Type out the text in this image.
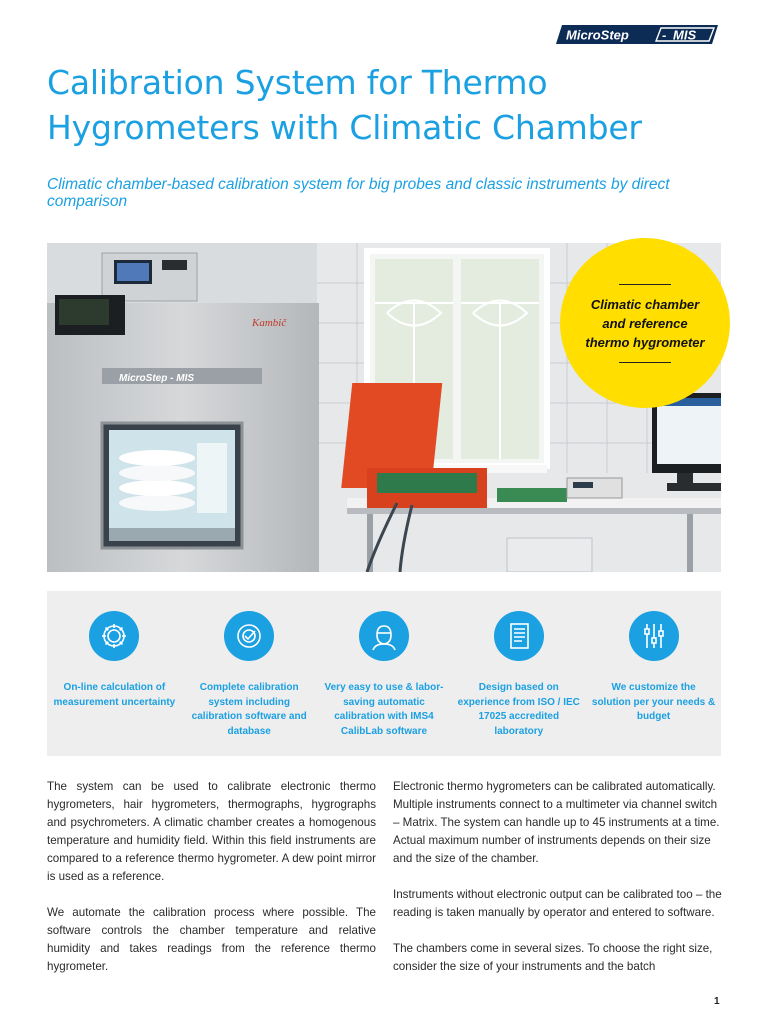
MicroStep	- MIS
Calibration System for Thermo
Hygrometers with Climatic Chamber

Climatic chamber-based calibration system for big probes and classic instruments by direct comparison

MicroStep - MIS
Kambič
Climatic chamber
and reference
thermo hygrometer
On-line calculation of measurement uncertainty
Complete calibration system including calibration software and database
Very easy to use & labor-saving automatic calibration with IMS4 CalibLab software
Design based on experience from ISO / IEC 17025 accredited laboratory
We customize the solution per your needs & budget

The system can be used to calibrate electronic thermo hygrometers, hair hygrometers, thermographs, hygrographs and psychrometers. A climatic chamber creates a homogenous temperature and humidity field. Within this field instruments are compared to a reference thermo hygrometer. A dew point mirror is used as a reference.

We automate the calibration process where possible. The software controls the chamber temperature and relative humidity and takes readings from the reference thermo hygrometer.

Electronic thermo hygrometers can be calibrated automatically. Multiple instruments connect to a multimeter via channel switch – Matrix. The system can handle up to 45 instruments at a time. Actual maximum number of instruments depends on their size and the size of the chamber.

Instruments without electronic output can be calibrated too – the reading is taken manually by operator and entered to software.

The chambers come in several sizes. To choose the right size, consider the size of your instruments and the batch

1
